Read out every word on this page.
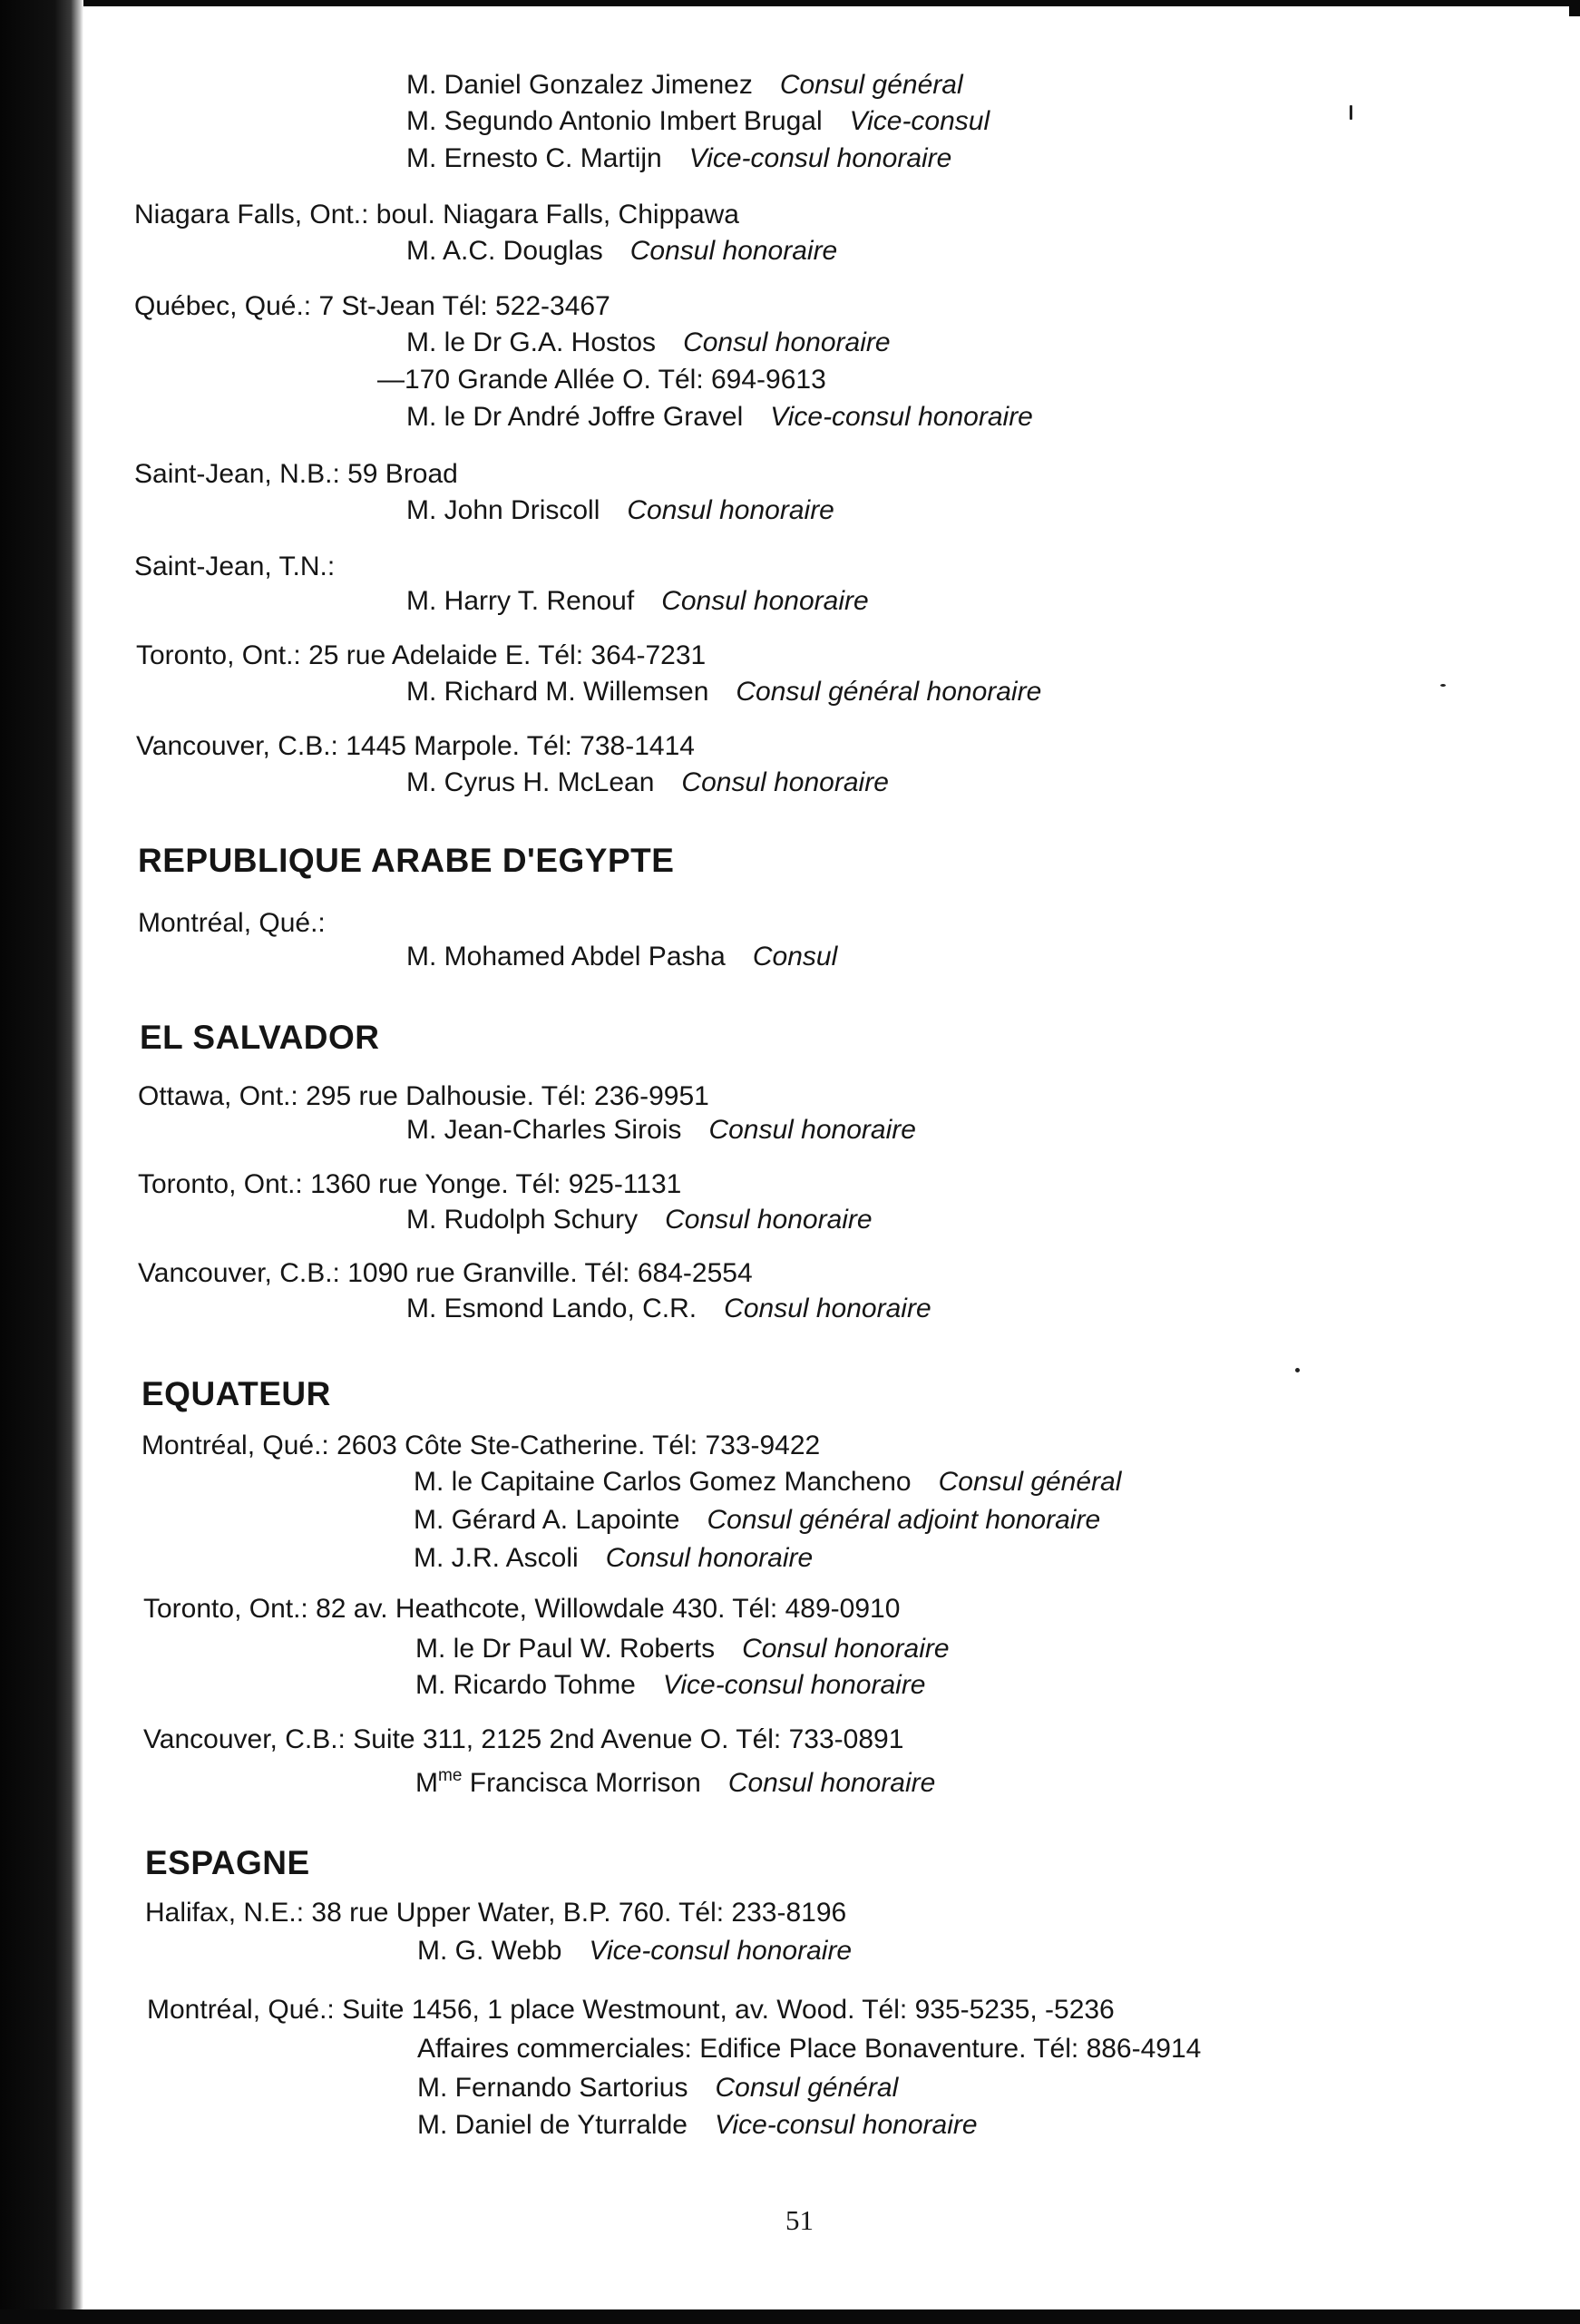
M. Daniel Gonzalez Jimenez Consul général
M. Segundo Antonio Imbert Brugal Vice-consul
M. Ernesto C. Martijn Vice-consul honoraire
Niagara Falls, Ont.: boul. Niagara Falls, Chippawa
M. A.C. Douglas Consul honoraire
Québec, Qué.: 7 St-Jean Tél: 522-3467
M. le Dr G.A. Hostos Consul honoraire
—170 Grande Allée O. Tél: 694-9613
M. le Dr André Joffre Gravel Vice-consul honoraire
Saint-Jean, N.B.: 59 Broad
M. John Driscoll Consul honoraire
Saint-Jean, T.N.:
M. Harry T. Renouf Consul honoraire
Toronto, Ont.: 25 rue Adelaide E. Tél: 364-7231
M. Richard M. Willemsen Consul général honoraire
Vancouver, C.B.: 1445 Marpole. Tél: 738-1414
M. Cyrus H. McLean Consul honoraire
REPUBLIQUE ARABE D'EGYPTE
Montréal, Qué.:
M. Mohamed Abdel Pasha Consul
EL SALVADOR
Ottawa, Ont.: 295 rue Dalhousie. Tél: 236-9951
M. Jean-Charles Sirois Consul honoraire
Toronto, Ont.: 1360 rue Yonge. Tél: 925-1131
M. Rudolph Schury Consul honoraire
Vancouver, C.B.: 1090 rue Granville. Tél: 684-2554
M. Esmond Lando, C.R. Consul honoraire
EQUATEUR
Montréal, Qué.: 2603 Côte Ste-Catherine. Tél: 733-9422
M. le Capitaine Carlos Gomez Mancheno Consul général
M. Gérard A. Lapointe Consul général adjoint honoraire
M. J.R. Ascoli Consul honoraire
Toronto, Ont.: 82 av. Heathcote, Willowdale 430. Tél: 489-0910
M. le Dr Paul W. Roberts Consul honoraire
M. Ricardo Tohme Vice-consul honoraire
Vancouver, C.B.: Suite 311, 2125 2nd Avenue O. Tél: 733-0891
$M^{me}$ Francisca Morrison Consul honoraire
ESPAGNE
Halifax, N.E.: 38 rue Upper Water, B.P. 760. Tél: 233-8196
M. G. Webb Vice-consul honoraire
Montréal, Qué.: Suite 1456, 1 place Westmount, av. Wood. Tél: 935-5235, -5236
Affaires commerciales: Edifice Place Bonaventure. Tél: 886-4914
M. Fernando Sartorius Consul général
M. Daniel de Yturralde Vice-consul honoraire
51
